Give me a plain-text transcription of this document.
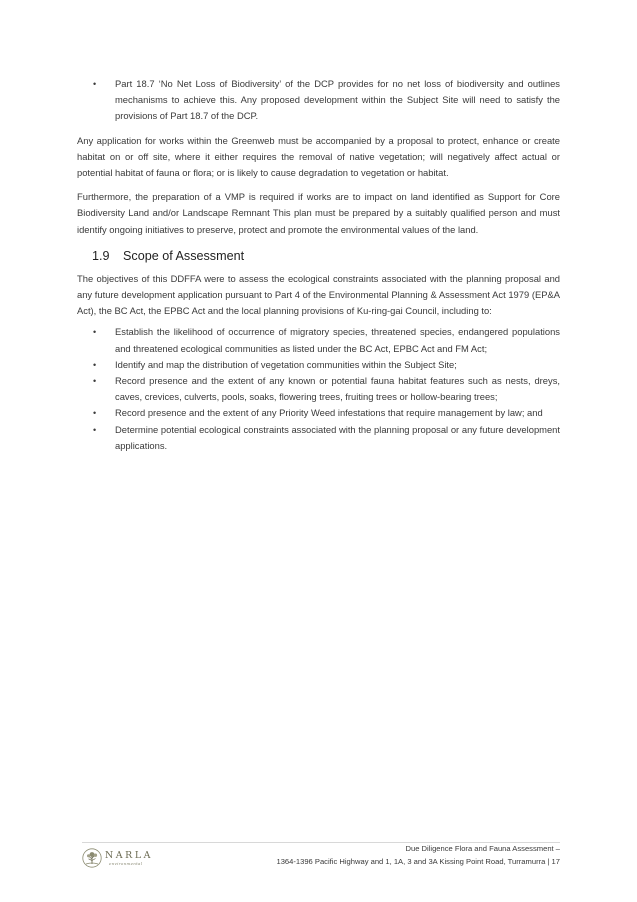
• Part 18.7 ‘No Net Loss of Biodiversity’ of the DCP provides for no net loss of biodiversity and outlines mechanisms to achieve this. Any proposed development within the Subject Site will need to satisfy the provisions of Part 18.7 of the DCP.

Any application for works within the Greenweb must be accompanied by a proposal to protect, enhance or create habitat on or off site, where it either requires the removal of native vegetation; will negatively affect actual or potential habitat of fauna or flora; or is likely to cause degradation to vegetation or habitat.

Furthermore, the preparation of a VMP is required if works are to impact on land identified as Support for Core Biodiversity Land and/or Landscape Remnant This plan must be prepared by a suitably qualified person and must identify ongoing initiatives to preserve, protect and promote the environmental values of the land.

1.9	Scope of Assessment

The objectives of this DDFFA were to assess the ecological constraints associated with the planning proposal and any future development application pursuant to Part 4 of the Environmental Planning & Assessment Act 1979 (EP&A Act), the BC Act, the EPBC Act and the local planning provisions of Ku-ring-gai Council, including to:

• Establish the likelihood of occurrence of migratory species, threatened species, endangered populations and threatened ecological communities as listed under the BC Act, EPBC Act and FM Act;
• Identify and map the distribution of vegetation communities within the Subject Site;
• Record presence and the extent of any known or potential fauna habitat features such as nests, dreys, caves, crevices, culverts, pools, soaks, flowering trees, fruiting trees or hollow-bearing trees;
• Record presence and the extent of any Priority Weed infestations that require management by law; and
• Determine potential ecological constraints associated with the planning proposal or any future development applications.
NARLA
environmental
Due Diligence Flora and Fauna Assessment –
1364-1396 Pacific Highway and 1, 1A, 3 and 3A Kissing Point Road, Turramurra | 17
